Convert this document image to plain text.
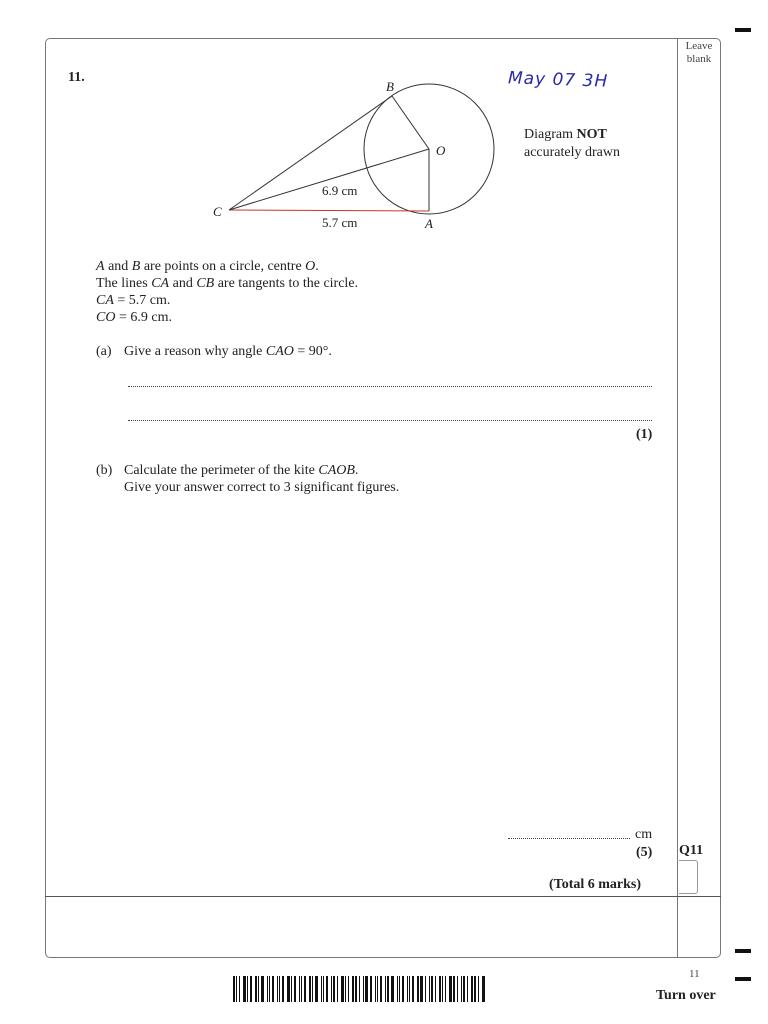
Leave blank
11.	May 07 3H
Diagram NOT
accurately drawn
B
O
C
A
6.9 cm
5.7 cm
A and B are points on a circle, centre O.
The lines CA and CB are tangents to the circle.
CA = 5.7 cm.
CO = 6.9 cm.
(a) Give a reason why angle CAO = 90°.
(1)
(b) Calculate the perimeter of the kite CAOB.
Give your answer correct to 3 significant figures.
cm
(5)
(Total 6 marks)
Q11
11
Turn over
